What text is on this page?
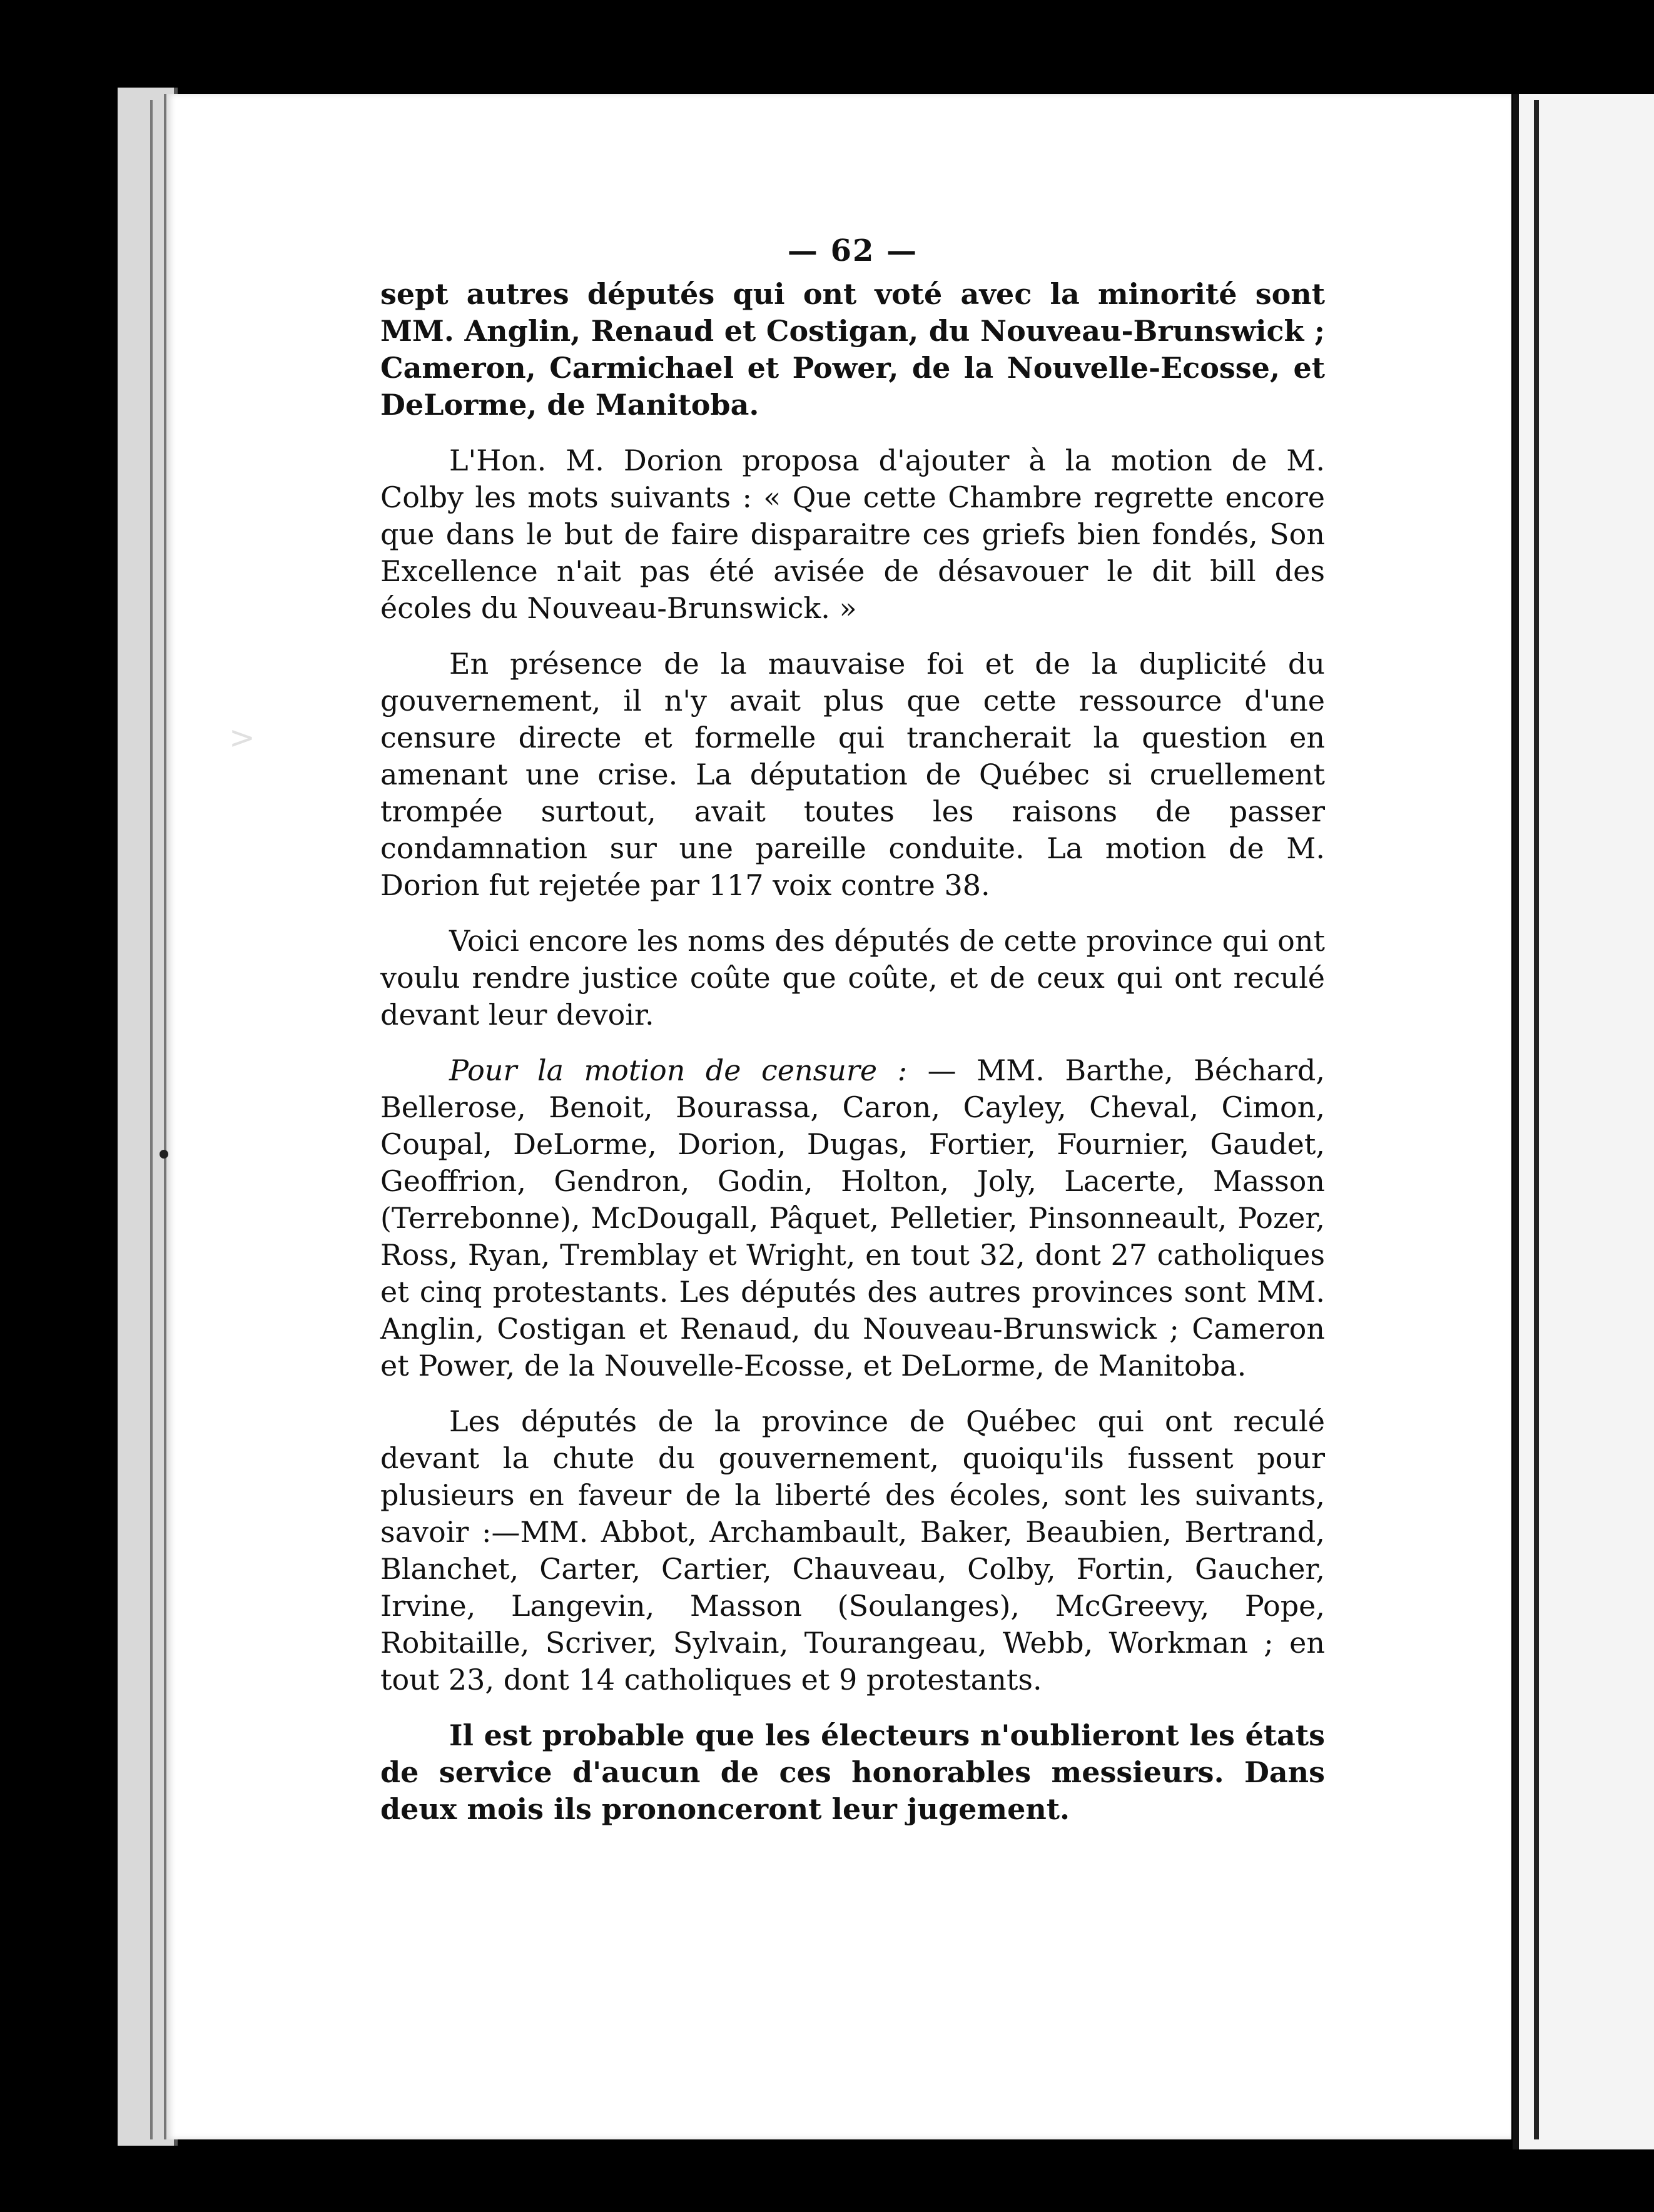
>
— 62 —

sept autres députés qui ont voté avec la minorité sont MM. Anglin, Renaud et Costigan, du Nouveau-Brunswick ; Cameron, Carmichael et Power, de la Nouvelle-Ecosse, et DeLorme, de Manitoba.

L'Hon. M. Dorion proposa d'ajouter à la motion de M. Colby les mots suivants : « Que cette Chambre regrette encore que dans le but de faire disparaitre ces griefs bien fondés, Son Excellence n'ait pas été avisée de désavouer le dit bill des écoles du Nouveau-Brunswick. »

En présence de la mauvaise foi et de la duplicité du gouvernement, il n'y avait plus que cette ressource d'une censure directe et formelle qui trancherait la question en amenant une crise. La députation de Québec si cruellement trompée surtout, avait toutes les raisons de passer condamnation sur une pareille conduite. La motion de M. Dorion fut rejetée par 117 voix contre 38.

Voici encore les noms des députés de cette province qui ont voulu rendre justice coûte que coûte, et de ceux qui ont reculé devant leur devoir.

Pour la motion de censure : — MM. Barthe, Béchard, Bellerose, Benoit, Bourassa, Caron, Cayley, Cheval, Cimon, Coupal, DeLorme, Dorion, Dugas, Fortier, Fournier, Gaudet, Geoffrion, Gendron, Godin, Holton, Joly, Lacerte, Masson (Terrebonne), McDougall, Pâquet, Pelletier, Pinsonneault, Pozer, Ross, Ryan, Tremblay et Wright, en tout 32, dont 27 catholiques et cinq protestants. Les députés des autres provinces sont MM. Anglin, Costigan et Renaud, du Nouveau-Brunswick ; Cameron et Power, de la Nouvelle-Ecosse, et DeLorme, de Manitoba.

Les députés de la province de Québec qui ont reculé devant la chute du gouvernement, quoiqu'ils fussent pour plusieurs en faveur de la liberté des écoles, sont les suivants, savoir :—MM. Abbot, Archambault, Baker, Beaubien, Bertrand, Blanchet, Carter, Cartier, Chauveau, Colby, Fortin, Gaucher, Irvine, Langevin, Masson (Soulanges), McGreevy, Pope, Robitaille, Scriver, Sylvain, Tourangeau, Webb, Workman ; en tout 23, dont 14 catholiques et 9 protestants.

Il est probable que les électeurs n'oublieront les états de service d'aucun de ces honorables messieurs. Dans deux mois ils prononceront leur jugement.
